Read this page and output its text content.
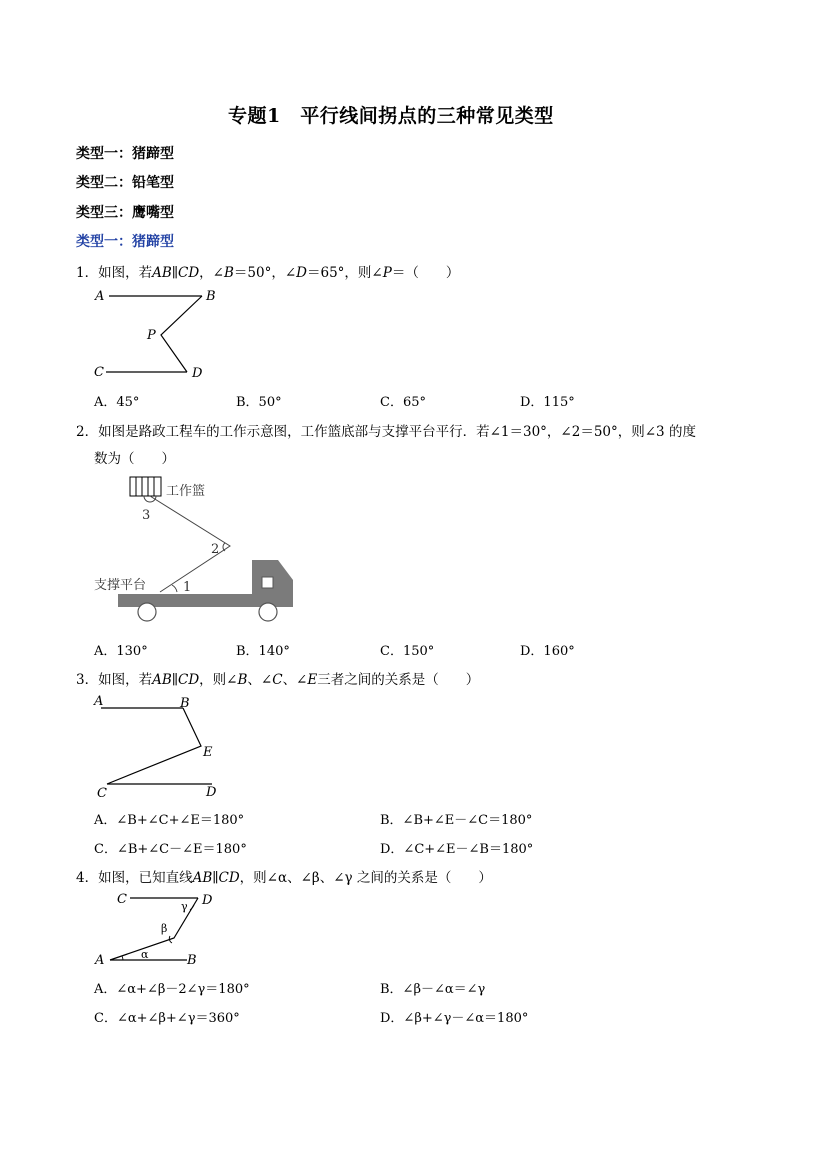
专题1　平行线间拐点的三种常见类型
类型一：猪蹄型
类型二：铅笔型
类型三：鹰嘴型
类型一：猪蹄型
1．如图，若AB∥CD，∠B＝50°，∠D＝65°，则∠P＝（　　）
A	B
P
C	D
A．45°	B．50°	C．65°	D．115°
2．如图是路政工程车的工作示意图，工作篮底部与支撑平台平行．若∠1＝30°，∠2＝50°，则∠3 的度
数为（　　）
工作篮
支撑平台
3
2
1
A．130°	B．140°	C．150°	D．160°
3．如图，若AB∥CD，则∠B、∠C、∠E三者之间的关系是（　　）
A	B
E
C	D
A．∠B+∠C+∠E＝180°	B．∠B+∠E－∠C＝180°
C．∠B+∠C－∠E＝180°	D．∠C+∠E－∠B＝180°
4．如图，已知直线AB∥CD，则∠α、∠β、∠γ 之间的关系是（　　）
C	D
A	B
γ
β
α
A．∠α+∠β－2∠γ＝180°	B．∠β－∠α＝∠γ
C．∠α+∠β+∠γ＝360°	D．∠β+∠γ－∠α＝180°
